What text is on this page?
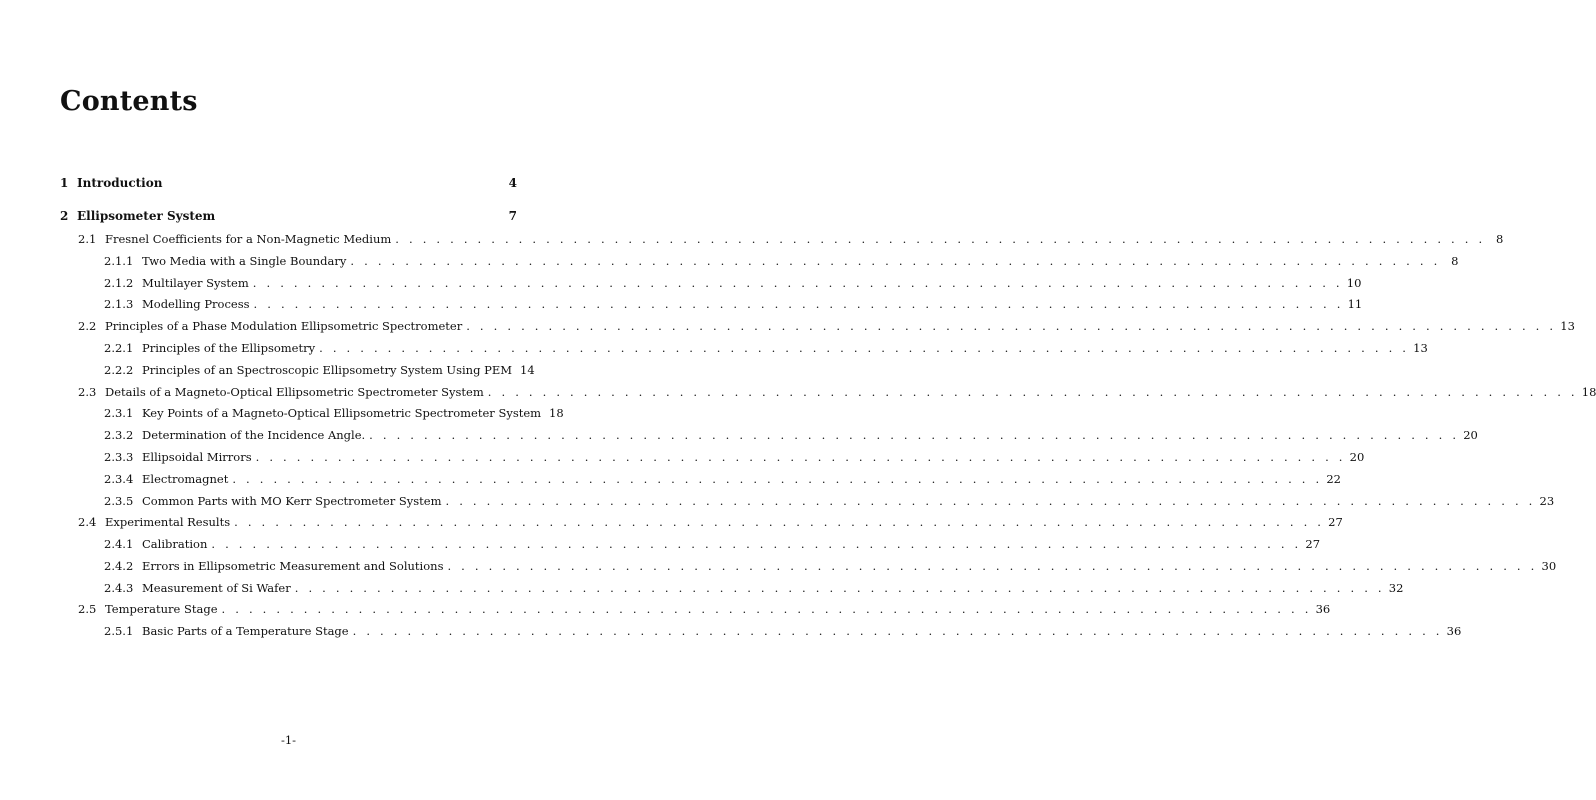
Contents
1 Introduction	4
2 Ellipsometer System	7
2.1 Fresnel Coefficients for a Non-Magnetic Medium . . . . . . . . . . . . . . . . . . . . . . . . . . . . . . . . . . . . . . . . . . . . . . . . . . . . . . . . . . . . . . . . . . . . . . . . . . . . . . . . 8
2.1.1 Two Media with a Single Boundary . . . . . . . . . . . . . . . . . . . . . . . . . . . . . . . . . . . . . . . . . . . . . . . . . . . . . . . . . . . . . . . . . . . . . . . . . . . . . . . . 8
2.1.2 Multilayer System . . . . . . . . . . . . . . . . . . . . . . . . . . . . . . . . . . . . . . . . . . . . . . . . . . . . . . . . . . . . . . . . . . . . . . . . . . . . . . . . 10
2.1.3 Modelling Process . . . . . . . . . . . . . . . . . . . . . . . . . . . . . . . . . . . . . . . . . . . . . . . . . . . . . . . . . . . . . . . . . . . . . . . . . . . . . . . . 11
2.2 Principles of a Phase Modulation Ellipsometric Spectrometer . . . . . . . . . . . . . . . . . . . . . . . . . . . . . . . . . . . . . . . . . . . . . . . . . . . . . . . . . . . . . . . . . . . . . . . . . . . . . . . . 13
2.2.1 Principles of the Ellipsometry . . . . . . . . . . . . . . . . . . . . . . . . . . . . . . . . . . . . . . . . . . . . . . . . . . . . . . . . . . . . . . . . . . . . . . . . . . . . . . . . 13
2.2.2 Principles of an Spectroscopic Ellipsometry System Using PEM 14
2.3 Details of a Magneto-Optical Ellipsometric Spectrometer System . . . . . . . . . . . . . . . . . . . . . . . . . . . . . . . . . . . . . . . . . . . . . . . . . . . . . . . . . . . . . . . . . . . . . . . . . . . . . . . . 18
2.3.1 Key Points of a Magneto-Optical Ellipsometric Spectrometer System 18
2.3.2 Determination of the Incidence Angle. . . . . . . . . . . . . . . . . . . . . . . . . . . . . . . . . . . . . . . . . . . . . . . . . . . . . . . . . . . . . . . . . . . . . . . . . . . . . . . . . 20
2.3.3 Ellipsoidal Mirrors . . . . . . . . . . . . . . . . . . . . . . . . . . . . . . . . . . . . . . . . . . . . . . . . . . . . . . . . . . . . . . . . . . . . . . . . . . . . . . . . 20
2.3.4 Electromagnet . . . . . . . . . . . . . . . . . . . . . . . . . . . . . . . . . . . . . . . . . . . . . . . . . . . . . . . . . . . . . . . . . . . . . . . . . . . . . . . . 22
2.3.5 Common Parts with MO Kerr Spectrometer System . . . . . . . . . . . . . . . . . . . . . . . . . . . . . . . . . . . . . . . . . . . . . . . . . . . . . . . . . . . . . . . . . . . . . . . . . . . . . . . . 23
2.4 Experimental Results . . . . . . . . . . . . . . . . . . . . . . . . . . . . . . . . . . . . . . . . . . . . . . . . . . . . . . . . . . . . . . . . . . . . . . . . . . . . . . . . 27
2.4.1 Calibration . . . . . . . . . . . . . . . . . . . . . . . . . . . . . . . . . . . . . . . . . . . . . . . . . . . . . . . . . . . . . . . . . . . . . . . . . . . . . . . . 27
2.4.2 Errors in Ellipsometric Measurement and Solutions . . . . . . . . . . . . . . . . . . . . . . . . . . . . . . . . . . . . . . . . . . . . . . . . . . . . . . . . . . . . . . . . . . . . . . . . . . . . . . . . 30
2.4.3 Measurement of Si Wafer . . . . . . . . . . . . . . . . . . . . . . . . . . . . . . . . . . . . . . . . . . . . . . . . . . . . . . . . . . . . . . . . . . . . . . . . . . . . . . . . 32
2.5 Temperature Stage . . . . . . . . . . . . . . . . . . . . . . . . . . . . . . . . . . . . . . . . . . . . . . . . . . . . . . . . . . . . . . . . . . . . . . . . . . . . . . . . 36
2.5.1 Basic Parts of a Temperature Stage . . . . . . . . . . . . . . . . . . . . . . . . . . . . . . . . . . . . . . . . . . . . . . . . . . . . . . . . . . . . . . . . . . . . . . . . . . . . . . . . 36
-1-
